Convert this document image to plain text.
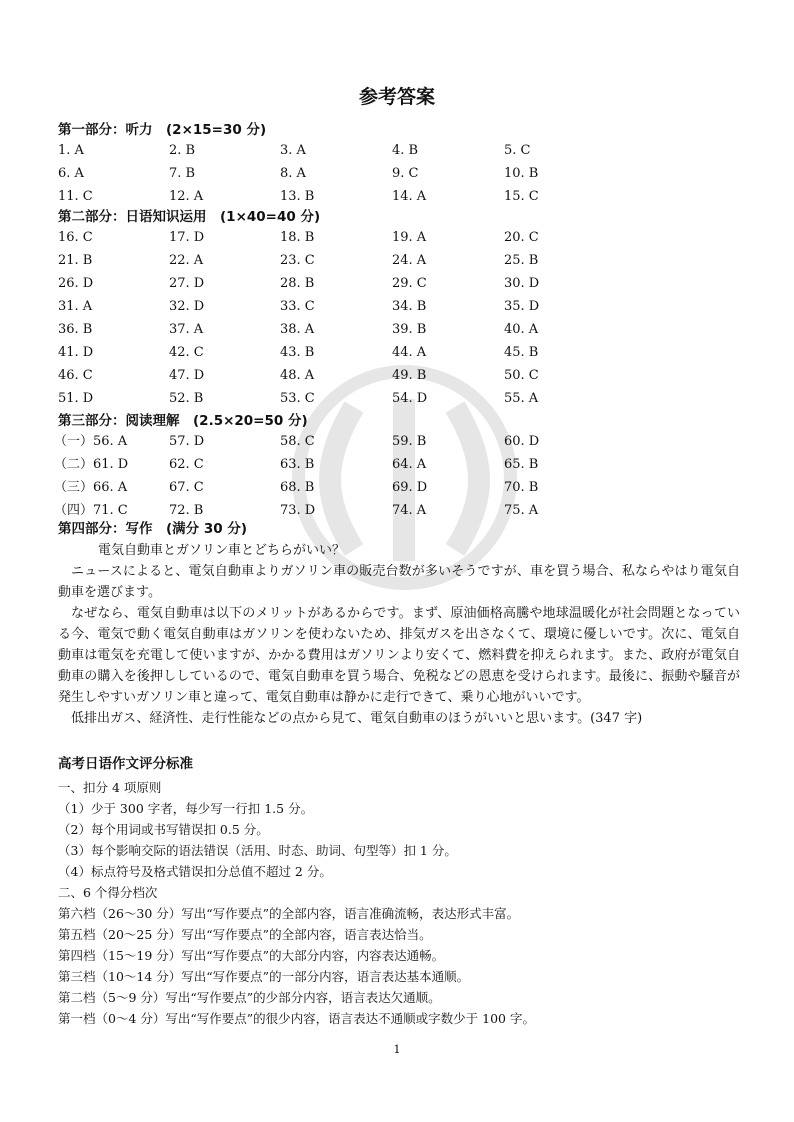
参考答案
第一部分：听力　(2×15=30 分)
1. A	2. B	3. A	4. B	5. C
6. A	7. B	8. A	9. C	10. B
11. C	12. A	13. B	14. A	15. C
第二部分：日语知识运用　(1×40=40 分)
16. C	17. D	18. B	19. A	20. C
21. B	22. A	23. C	24. A	25. B
26. D	27. D	28. B	29. C	30. D
31. A	32. D	33. C	34. B	35. D
36. B	37. A	38. A	39. B	40. A
41. D	42. C	43. B	44. A	45. B
46. C	47. D	48. A	49. B	50. C
51. D	52. B	53. C	54. D	55. A
第三部分：阅读理解　(2.5×20=50 分)
（一）56. A	57. D	58. C	59. B	60. D
（二）61. D	62. C	63. B	64. A	65. B
（三）66. A	67. C	68. B	69. D	70. B
（四）71. C	72. B	73. D	74. A	75. A
第四部分：写作　(满分 30 分)

電気自動車とガソリン車とどちらがいい？

ニュースによると、電気自動車よりガソリン車の販売台数が多いそうですが、車を買う場合、私ならやはり電気自動車を選びます。

なぜなら、電気自動車は以下のメリットがあるからです。まず、原油価格高騰や地球温暖化が社会問題となっている今、電気で動く電気自動車はガソリンを使わないため、排気ガスを出さなくて、環境に優しいです。次に、電気自動車は電気を充電して使いますが、かかる費用はガソリンより安くて、燃料費を抑えられます。また、政府が電気自動車の購入を後押ししているので、電気自動車を買う場合、免税などの恩恵を受けられます。最後に、振動や騒音が発生しやすいガソリン車と違って、電気自動車は静かに走行できて、乗り心地がいいです。

低排出ガス、経済性、走行性能などの点から見て、電気自動車のほうがいいと思います。(347 字)

高考日语作文评分标准
一、扣分 4 项原则
（1）少于 300 字者，每少写一行扣 1.5 分。
（2）每个用词或书写错误扣 0.5 分。
（3）每个影响交际的语法错误（活用、时态、助词、句型等）扣 1 分。
（4）标点符号及格式错误扣分总值不超过 2 分。
二、6 个得分档次
第六档（26～30 分）写出“写作要点”的全部内容，语言准确流畅，表达形式丰富。
第五档（20～25 分）写出“写作要点”的全部内容，语言表达恰当。
第四档（15～19 分）写出“写作要点”的大部分内容，内容表达通畅。
第三档（10～14 分）写出“写作要点”的一部分内容，语言表达基本通顺。
第二档（5～9 分）写出“写作要点”的少部分内容，语言表达欠通顺。
第一档（0～4 分）写出“写作要点”的很少内容，语言表达不通顺或字数少于 100 字。
1
